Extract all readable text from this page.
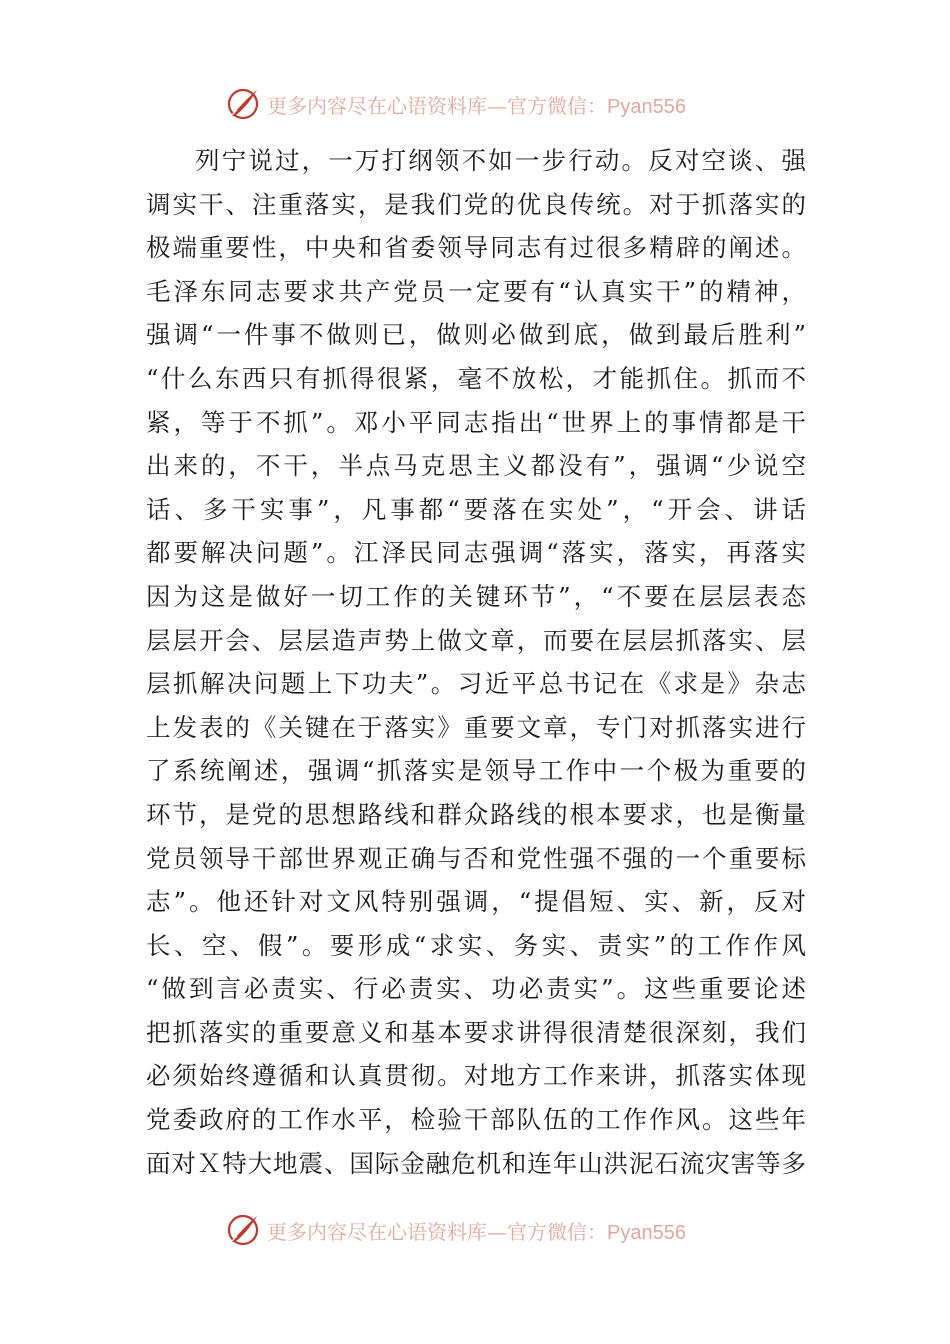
更多内容尽在心语资料库—官方微信：Pyan556
列宁说过，一万打纲领不如一步行动。反对空谈、强
调实干、注重落实，是我们党的优良传统。对于抓落实的
极端重要性，中央和省委领导同志有过很多精辟的阐述。
毛泽东同志要求共产党员一定要有“认真实干”的精神，
强调“一件事不做则已，做则必做到底，做到最后胜利”
“什么东西只有抓得很紧，毫不放松，才能抓住。抓而不
紧，等于不抓”。邓小平同志指出“世界上的事情都是干
出来的，不干，半点马克思主义都没有”，强调“少说空
话、多干实事”，凡事都“要落在实处”，“开会、讲话
都要解决问题”。江泽民同志强调“落实，落实，再落实
因为这是做好一切工作的关键环节”，“不要在层层表态
层层开会、层层造声势上做文章，而要在层层抓落实、层
层抓解决问题上下功夫”。习近平总书记在《求是》杂志
上发表的《关键在于落实》重要文章，专门对抓落实进行
了系统阐述，强调“抓落实是领导工作中一个极为重要的
环节，是党的思想路线和群众路线的根本要求，也是衡量
党员领导干部世界观正确与否和党性强不强的一个重要标
志”。他还针对文风特别强调，“提倡短、实、新，反对
长、空、假”。要形成“求实、务实、责实”的工作作风
“做到言必责实、行必责实、功必责实”。这些重要论述
把抓落实的重要意义和基本要求讲得很清楚很深刻，我们
必须始终遵循和认真贯彻。对地方工作来讲，抓落实体现
党委政府的工作水平，检验干部队伍的工作作风。这些年
面对Ｘ特大地震、国际金融危机和连年山洪泥石流灾害等多
更多内容尽在心语资料库—官方微信：Pyan556
